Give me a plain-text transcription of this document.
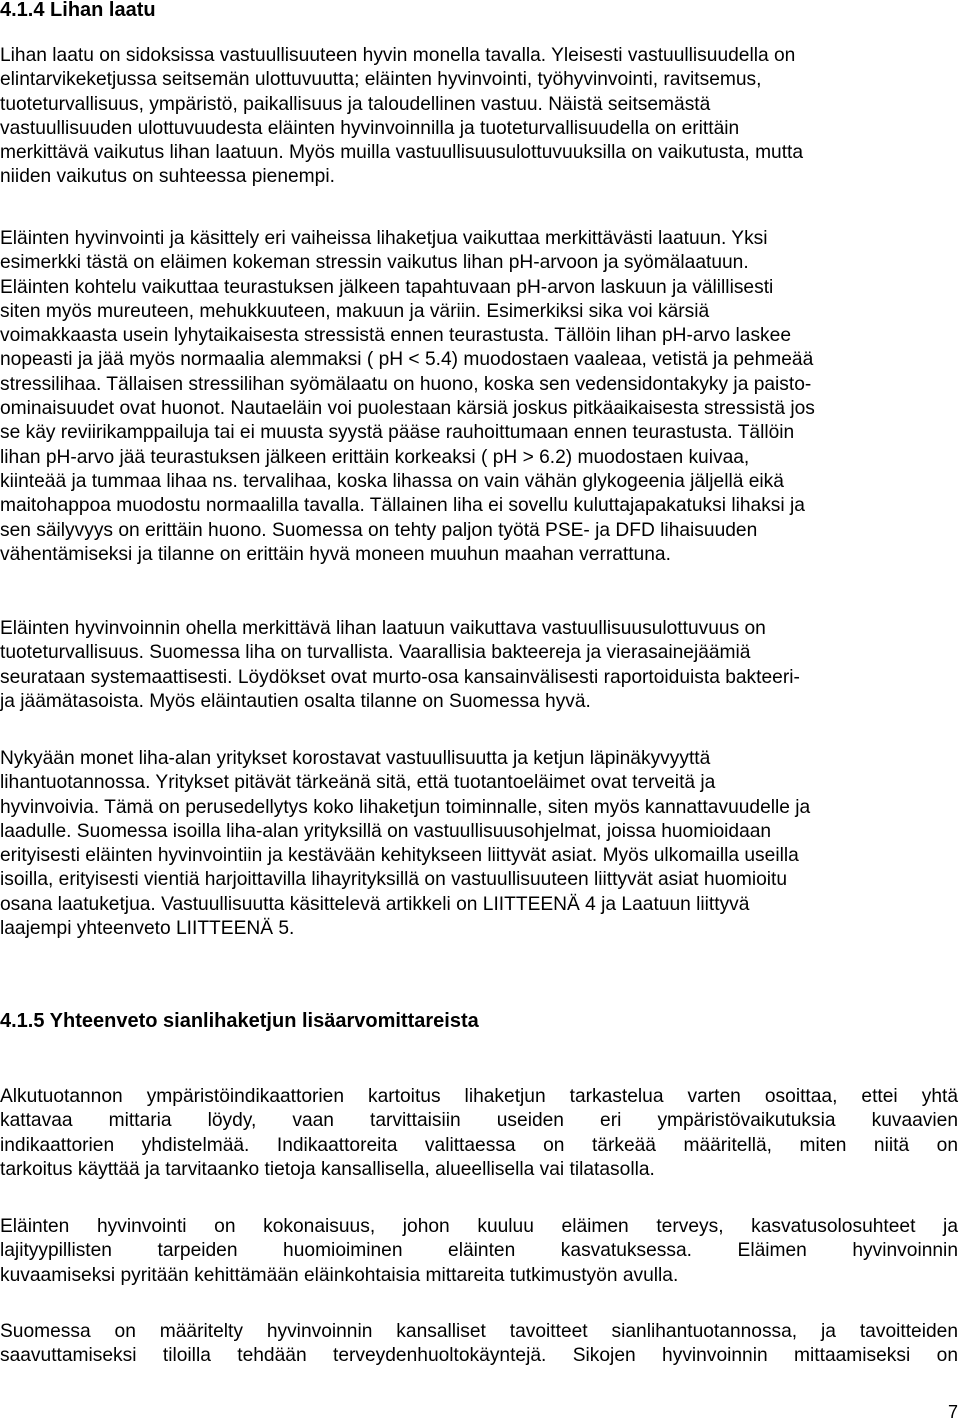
4.1.4 Lihan laatu
Lihan laatu on sidoksissa vastuullisuuteen hyvin monella tavalla. Yleisesti vastuullisuudella on
elintarvikeketjussa seitsemän ulottuvuutta; eläinten hyvinvointi, työhyvinvointi, ravitsemus,
tuoteturvallisuus, ympäristö, paikallisuus ja taloudellinen vastuu. Näistä seitsemästä
vastuullisuuden ulottuvuudesta eläinten hyvinvoinnilla ja tuoteturvallisuudella on erittäin
merkittävä vaikutus lihan laatuun. Myös muilla vastuullisuusulottuvuuksilla on vaikutusta, mutta
niiden vaikutus on suhteessa pienempi.
Eläinten hyvinvointi ja käsittely eri vaiheissa lihaketjua vaikuttaa merkittävästi laatuun. Yksi
esimerkki tästä on eläimen kokeman stressin vaikutus lihan pH-arvoon ja syömälaatuun.
Eläinten kohtelu vaikuttaa teurastuksen jälkeen tapahtuvaan pH-arvon laskuun ja välillisesti
siten myös mureuteen, mehukkuuteen, makuun ja väriin. Esimerkiksi sika voi kärsiä
voimakkaasta usein lyhytaikaisesta stressistä ennen teurastusta. Tällöin lihan pH-arvo laskee
nopeasti ja jää myös normaalia alemmaksi ( pH < 5.4) muodostaen vaaleaa, vetistä ja pehmeää
stressilihaa. Tällaisen stressilihan syömälaatu on huono, koska sen vedensidontakyky ja paisto-
ominaisuudet ovat huonot. Nautaeläin voi puolestaan kärsiä joskus pitkäaikaisesta stressistä jos
se käy reviirikamppailuja tai ei muusta syystä pääse rauhoittumaan ennen teurastusta. Tällöin
lihan pH-arvo jää teurastuksen jälkeen erittäin korkeaksi ( pH > 6.2) muodostaen kuivaa,
kiinteää ja tummaa lihaa ns. tervalihaa, koska lihassa on vain vähän glykogeenia jäljellä eikä
maitohappoa muodostu normaalilla tavalla. Tällainen liha ei sovellu kuluttajapakatuksi lihaksi ja
sen säilyvyys on erittäin huono. Suomessa on tehty paljon työtä PSE- ja DFD lihaisuuden
vähentämiseksi ja tilanne on erittäin hyvä moneen muuhun maahan verrattuna.
Eläinten hyvinvoinnin ohella merkittävä lihan laatuun vaikuttava vastuullisuusulottuvuus on
tuoteturvallisuus. Suomessa liha on turvallista. Vaarallisia bakteereja ja vierasainejäämiä
seurataan systemaattisesti. Löydökset ovat murto-osa kansainvälisesti raportoiduista bakteeri-
ja jäämätasoista. Myös eläintautien osalta tilanne on Suomessa hyvä.
Nykyään monet liha-alan yritykset korostavat vastuullisuutta ja ketjun läpinäkyvyyttä
lihantuotannossa. Yritykset pitävät tärkeänä sitä, että tuotantoeläimet ovat terveitä ja
hyvinvoivia. Tämä on perusedellytys koko lihaketjun toiminnalle, siten myös kannattavuudelle ja
laadulle. Suomessa isoilla liha-alan yrityksillä on vastuullisuusohjelmat, joissa huomioidaan
erityisesti eläinten hyvinvointiin ja kestävään kehitykseen liittyvät asiat. Myös ulkomailla useilla
isoilla, erityisesti vientiä harjoittavilla lihayrityksillä on vastuullisuuteen liittyvät asiat huomioitu
osana laatuketjua. Vastuullisuutta käsittelevä artikkeli on LIITTEENÄ 4 ja Laatuun liittyvä
laajempi yhteenveto LIITTEENÄ 5.
4.1.5 Yhteenveto sianlihaketjun lisäarvomittareista
Alkutuotannon ympäristöindikaattorien kartoitus lihaketjun tarkastelua varten osoittaa, ettei yhtä
kattavaa mittaria löydy, vaan tarvittaisiin useiden eri ympäristövaikutuksia kuvaavien
indikaattorien yhdistelmää. Indikaattoreita valittaessa on tärkeää määritellä, miten niitä on
tarkoitus käyttää ja tarvitaanko tietoja kansallisella, alueellisella vai tilatasolla.
Eläinten hyvinvointi on kokonaisuus, johon kuuluu eläimen terveys, kasvatusolosuhteet ja
lajityypillisten tarpeiden huomioiminen eläinten kasvatuksessa. Eläimen hyvinvoinnin
kuvaamiseksi pyritään kehittämään eläinkohtaisia mittareita tutkimustyön avulla.
Suomessa on määritelty hyvinvoinnin kansalliset tavoitteet sianlihantuotannossa, ja tavoitteiden
saavuttamiseksi tiloilla tehdään terveydenhuoltokäyntejä. Sikojen hyvinvoinnin mittaamiseksi on
7
